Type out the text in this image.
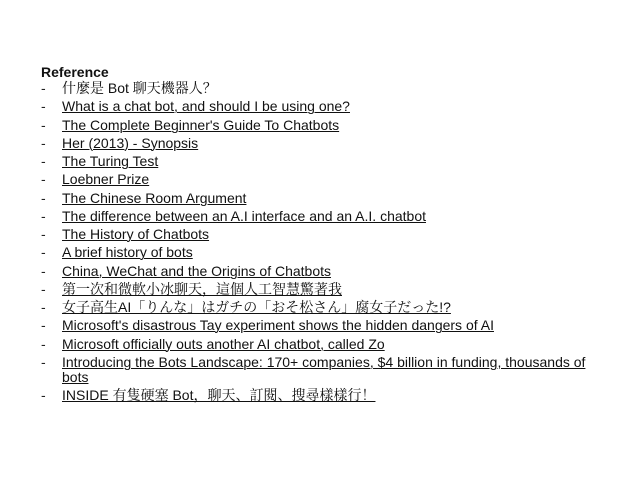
Reference
-	什麼是 Bot 聊天機器人？
-	What is a chat bot, and should I be using one?
-	The Complete Beginner's Guide To Chatbots
-	Her (2013) - Synopsis
-	The Turing Test
-	Loebner Prize
-	The Chinese Room Argument
-	The difference between an A.I interface and an A.I. chatbot
-	The History of Chatbots
-	A brief history of bots
-	China, WeChat and the Origins of Chatbots
-	第一次和微軟小冰聊天，這個人工智慧驚著我
-	女子高生AI「りんな」はガチの「おそ松さん」腐女子だった!?
-	Microsoft's disastrous Tay experiment shows the hidden dangers of AI
-	Microsoft officially outs another AI chatbot, called Zo
-	Introducing the Bots Landscape: 170+ companies, $4 billion in funding, thousands of bots
-	INSIDE 有隻硬塞 Bot，聊天、訂閱、搜尋樣樣行！
